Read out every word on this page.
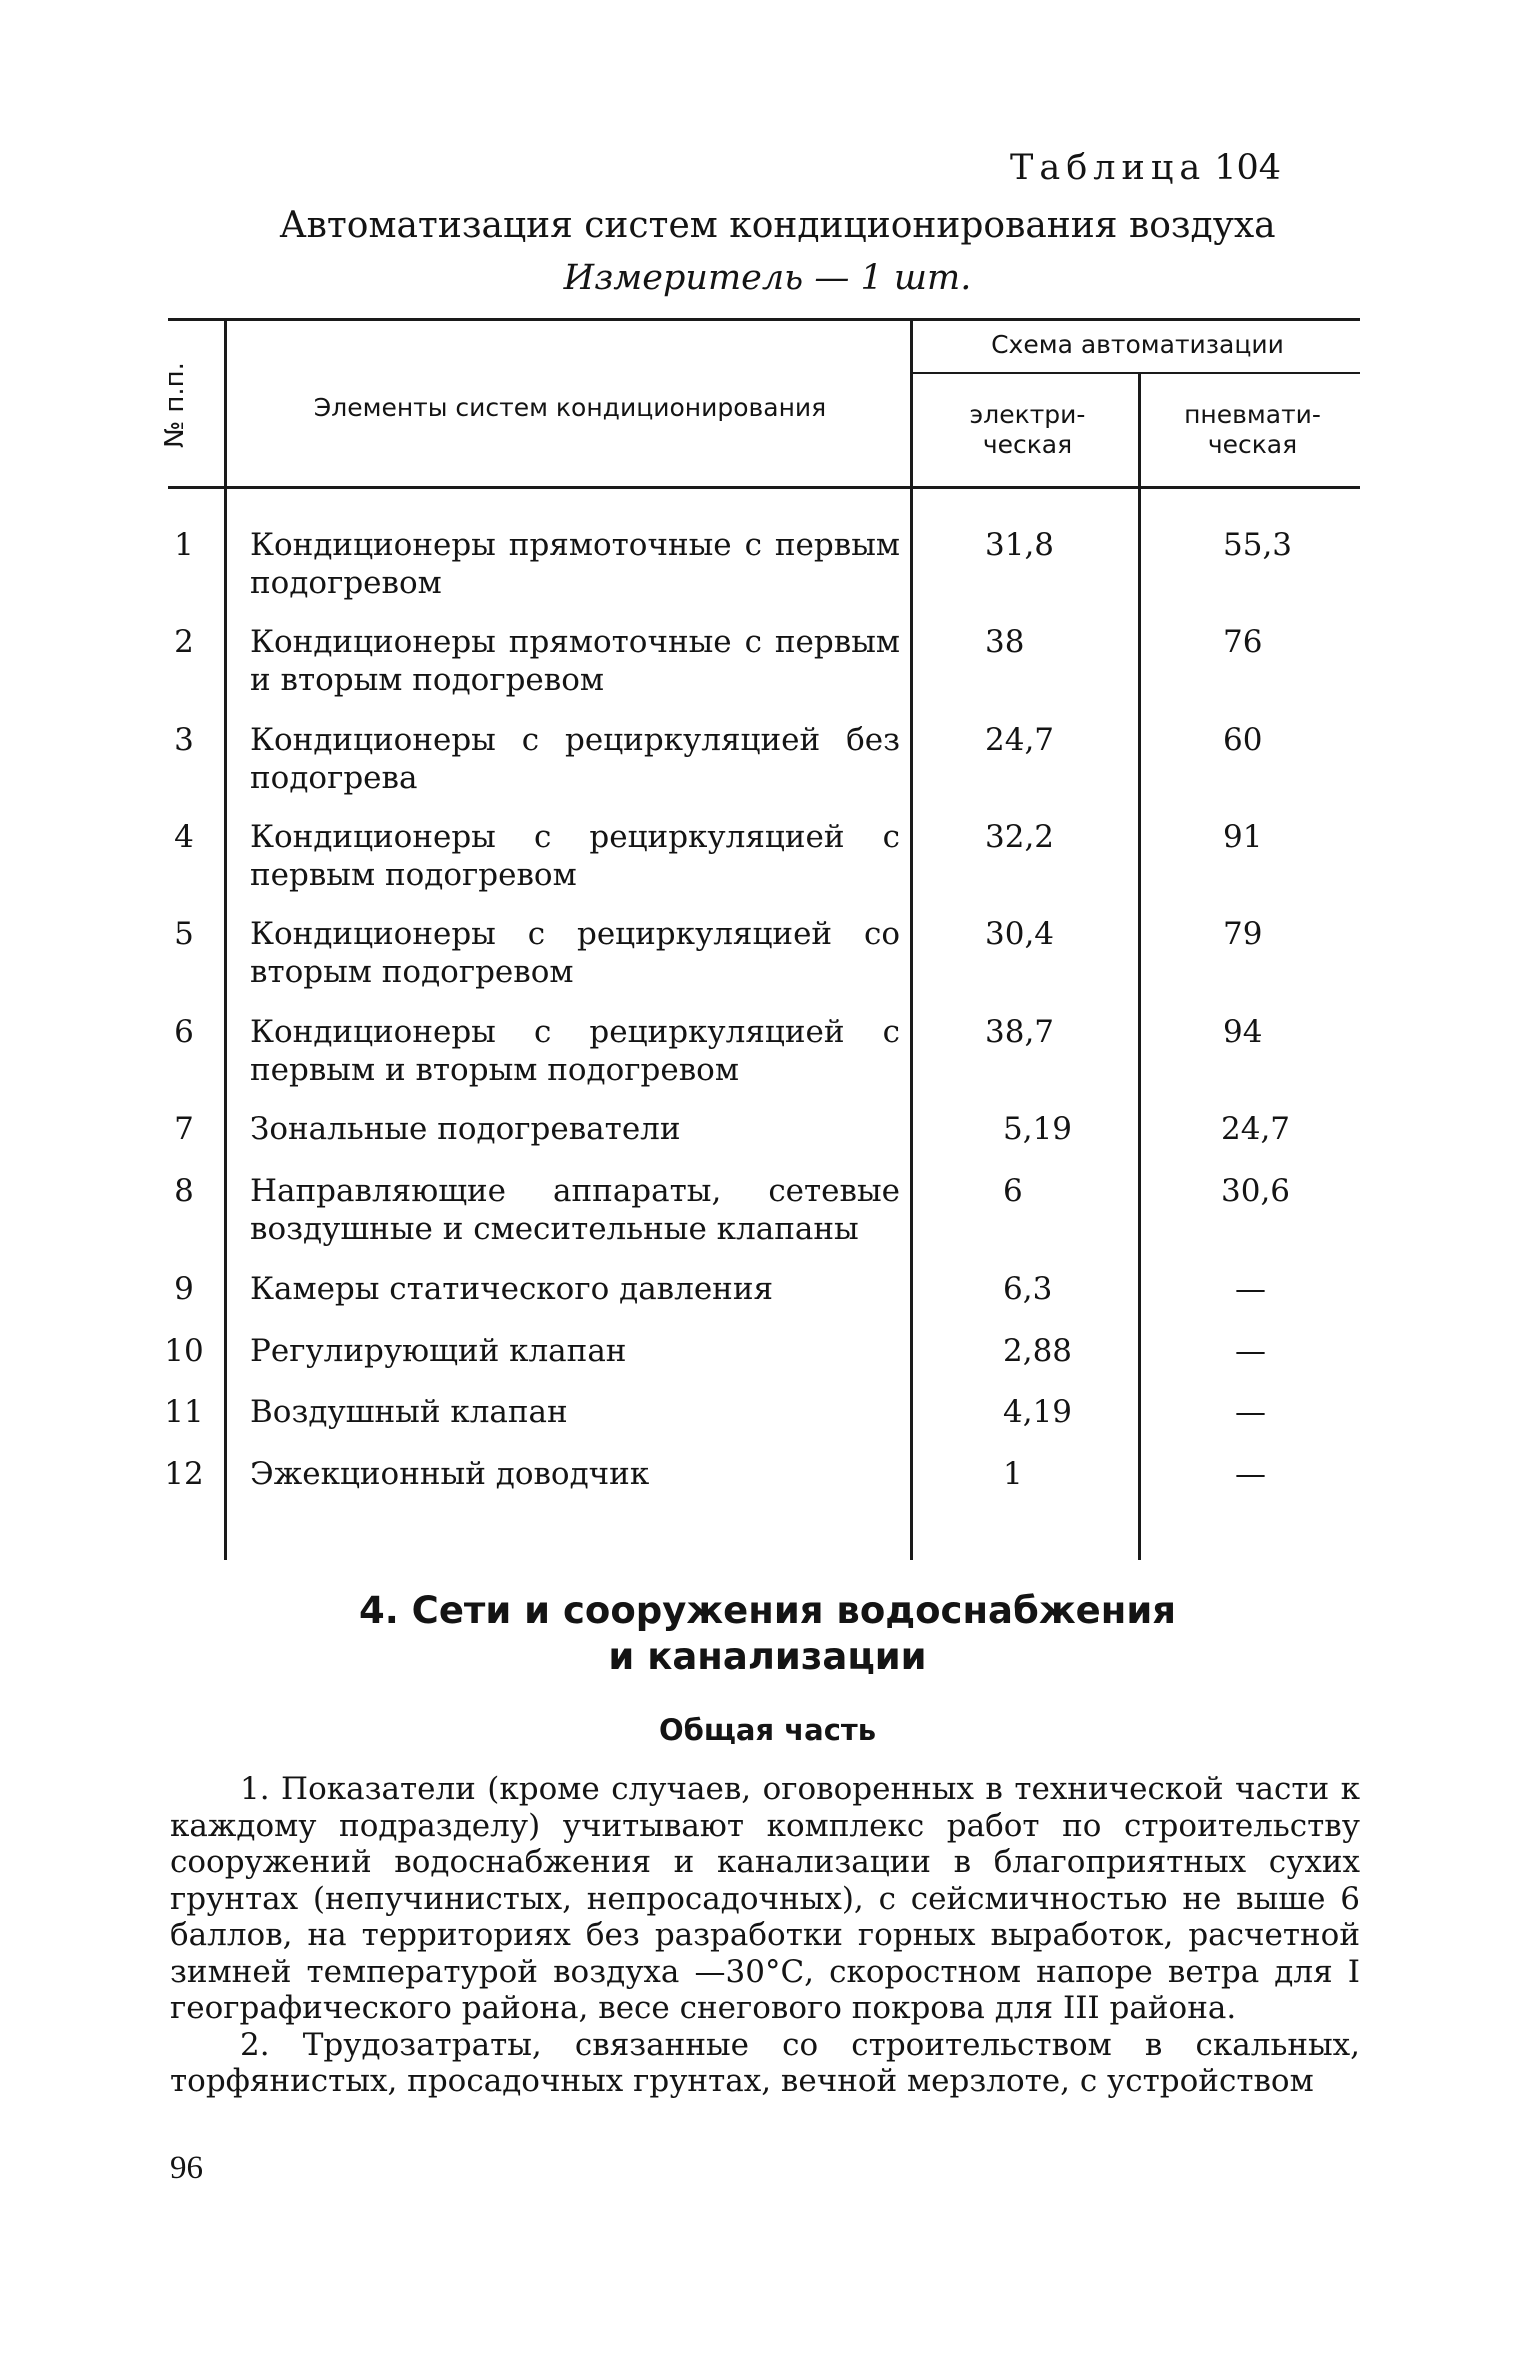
Таблица 104
Автоматизация систем кондиционирования воздуха
Измеритель — 1 шт.
№ п.п.	Элементы систем кондиционирования
Схема автоматизации
электри-
ческая
пневмати-
ческая
1	Кондиционеры прямоточные с первым
подогревом
31,8	55,3
2	Кондиционеры прямоточные с первым
и вторым подогревом
38	76
3	Кондиционеры с рециркуляцией без
подогрева
24,7	60
4	Кондиционеры с рециркуляцией с
первым подогревом
32,2	91
5	Кондиционеры с рециркуляцией со
вторым подогревом
30,4	79
6	Кондиционеры с рециркуляцией с
первым и вторым подогревом
38,7	94
7	Зональные подогреватели	5,19	24,7
8	Направляющие аппараты, сетевые
воздушные и смесительные клапаны
6	30,6
9	Камеры статического давления	6,3	—
10 Регулирующий клапан	2,88	—
11 Воздушный клапан	4,19	—
12 Эжекционный доводчик	1	—
4. Сети и сооружения водоснабжения
и канализации
Общая часть

1. Показатели (кроме случаев, оговоренных в технической части к каждому подразделу) учитывают комплекс работ по строительству сооружений водоснабжения и канализации в благоприятных сухих грунтах (непучинистых, непросадочных), с сейсмичностью не выше 6 баллов, на территориях без разработки горных выработок, расчетной зимней температурой воздуха —30°С, скоростном напоре ветра для I географического района, весе снегового покрова для III района.

2. Трудозатраты, связанные со строительством в скальных, торфянистых, просадочных грунтах, вечной мерзлоте, с устройством

96
